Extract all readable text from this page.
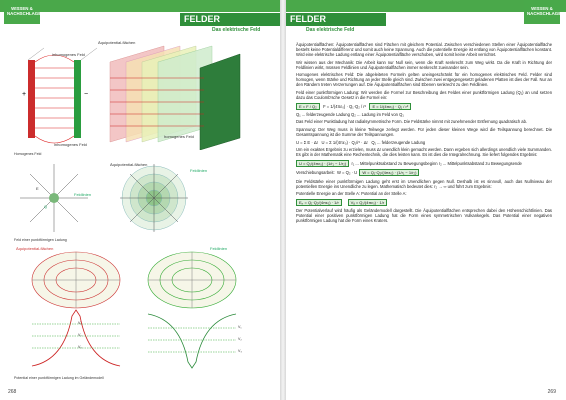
WISSEN & NACHSCHLAGEN
FELDER
Das elektrische Feld
+	−
inhomogenes Feld
inhomogenes Feld
Äquipotential-flächen
homogenes Feld
Homogenes Feld
Q
E
Feldlinien
Äquipotential-flächen
Feldlinien
Feld einer punktförmigen Ladung
Äquipotential-flächen
V₁
V₂
V₃
Feldlinien
V₁
V₂
V₃
Potential einer punktförmigen Ladung im Geländemodell
268
FELDER
Das elektrische Feld
WISSEN & NACHSCHLAGEN

Äquipotentialflächen: Äquipotentialflächen sind Flächen mit gleichem Potential. Zwischen verschiedenen Stellen einer Äquipotentialfläche besteht keine Potentialdifferenz und somit auch keine Spannung. Auch die potentielle Energie ist entlang von Äquipotentialflächen konstant. Wird eine elektrische Ladung entlang einer Äquipotentialfläche verschoben, wird somit keine Arbeit verrichtet.

Wir wissen aus der Mechanik: Die Arbeit kann nur Null sein, wenn die Kraft senkrecht zum Weg wirkt. Da die Kraft in Richtung der Feldlinien wirkt, müssen Feldlinien und Äquipotentialflächen immer senkrecht zueinander sein.

Homogenes elektrisches Feld: Die abgeleiteten Formeln gelten uneingeschränkt für ein homogenes elektrisches Feld. Felder sind homogen, wenn Stärke und Richtung an jeder Stelle gleich sind. Zwischen zwei entgegengesetzt geladenen Platten ist dies der Fall. Nur an den Rändern treten Verzerrungen auf. Die Äquipotentialflächen sind Ebenen senkrecht zu den Feldlinien.

Feld einer punktförmigen Ladung: Wir werden die Formel zur Beschreibung des Feldes einer punktförmigen Ladung (Q₁) an und setzen dazu das Coulomb'sche Gesetz in die Formel ein:

E = F / Q₂ F = 1/(4πε₀) · Q₁·Q₂ / r² E = 1/(4πε₀) · Q₁ / r²

Q₁ ... felderzeugende Ladung Q₂ ... Ladung im Feld von Q₁

Das Feld einer Punktladung hat radialsymmetrische Form. Die Feldstärke nimmt mit zunehmender Entfernung quadratisch ab.

Spannung: Der Weg muss in kleine Teilwege zerlegt werden. Für jeden dieser kleinen Wege wird die Teilspannung berechnet. Die Gesamtspannung ist die Summe der Teilspannungen.

U = Σ E · Δr U = Σ 1/(4πε₀) · Q₁/r² · Δr Q₁ ... felderzeugende Ladung

Um ein exaktes Ergebnis zu erzielen, muss Δr unendlich klein gemacht werden. Dann ergeben sich allerdings unendlich viele Summanden. Es gibt in der Mathematik eine Rechentechnik, die dies leisten kann. Es ist dies die Integralrechnung. Sie liefert folgendes Ergebnis:

U = Q₁/(4πε₀) · (1/r₁ − 1/r₂) r₁ ... Mittelpunktsabstand zu Bewegungsbeginn r₂ ... Mittelpunktsabstand zu Bewegungsende

Verschiebungsarbeit: W = Q₂ · U W = Q₁·Q₂/(4πε₀) · (1/r₁ − 1/r₂)

Die Feldstärke einer punktförmigen Ladung geht erst im Unendlichen gegen Null. Deshalb ist es sinnvoll, auch das Nullniveau der potentiellen Energie ins Unendliche zu legen. Mathematisch bedeutet dies: r₂ → ∞ und führt zum Ergebnis:

Potentielle Energie an der Stelle A: Potential an der Stelle A:

Eₚ = Q₁·Q₂/(4πε₀) · 1/r	Vₐ = Q₁/(4πε₀) · 1/r

Der Potentialverlauf wird häufig als Geländemodell dargestellt. Die Äquipotentialflächen entsprechen dabei den Höhenschichtlinien. Das Potential einer positiven punktförmigen Ladung hat die Form eines symmetrischen Vulkankegels. Das Potential einer negativen punktförmigen Ladung hat die Form eines Kraters.

269
